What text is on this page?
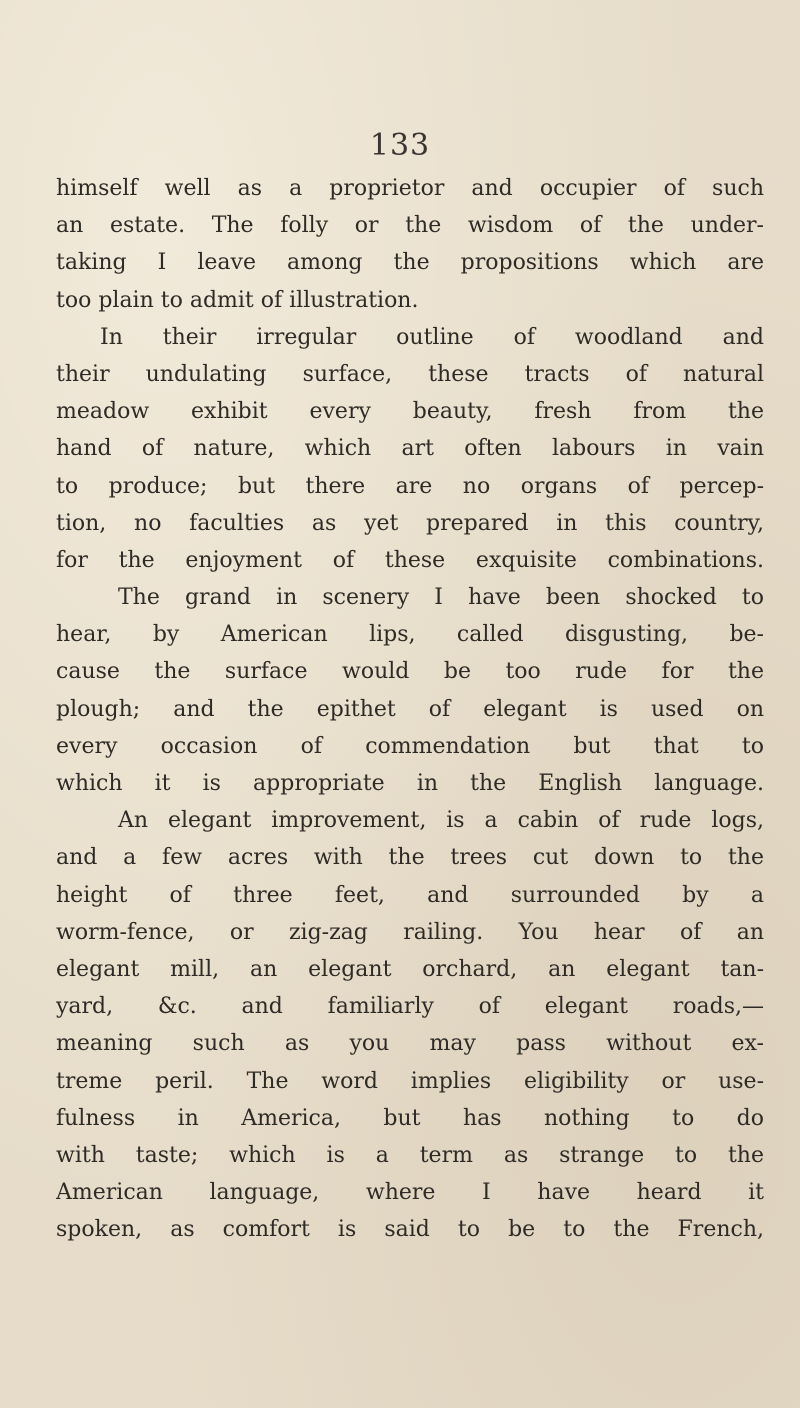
133
himself well as a proprietor and occupier of such
an estate. The folly or the wisdom of the under-
taking I leave among the propositions which are
too plain to admit of illustration.
In their irregular outline of woodland and
their undulating surface, these tracts of natural
meadow exhibit every beauty, fresh from the
hand of nature, which art often labours in vain
to produce; but there are no organs of percep-
tion, no faculties as yet prepared in this country,
for the enjoyment of these exquisite combinations.
The grand in scenery I have been shocked to
hear, by American lips, called disgusting, be-
cause the surface would be too rude for the
plough; and the epithet of elegant is used on
every occasion of commendation but that to
which it is appropriate in the English language.
An elegant improvement, is a cabin of rude logs,
and a few acres with the trees cut down to the
height of three feet, and surrounded by a
worm-fence, or zig-zag railing. You hear of an
elegant mill, an elegant orchard, an elegant tan-
yard, &c. and familiarly of elegant roads,—
meaning such as you may pass without ex-
treme peril. The word implies eligibility or use-
fulness in America, but has nothing to do
with taste; which is a term as strange to the
American language, where I have heard it
spoken, as comfort is said to be to the French,
